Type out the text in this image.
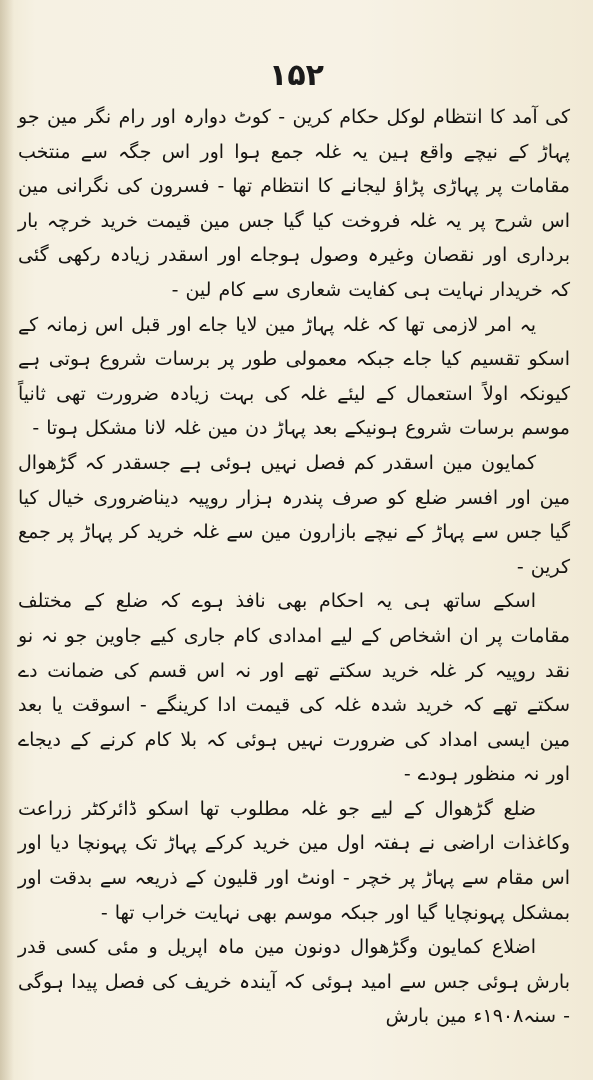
۱۵۲

کی آمد کا انتظام لوکل حکام کرین - کوٹ دوارہ اور رام نگر مین جو پہاڑ کے نیچے واقع ہین یہ غلہ جمع ہوا اور اس جگہ سے منتخب مقامات پر پہاڑی پڑاؤ لیجانے کا انتظام تھا - فسرون کی نگرانی مین اس شرح پر یہ غلہ فروخت کیا گیا جس مین قیمت خرید خرچہ بار برداری اور نقصان وغیرہ وصول ہوجاے اور اسقدر زیادہ رکھی گئی کہ خریدار نہایت ہی کفایت شعاری سے کام لین -

یہ امر لازمی تھا کہ غلہ پہاڑ مین لایا جاے اور قبل اس زمانہ کے اسکو تقسیم کیا جاے جبکہ معمولی طور پر برسات شروع ہوتی ہے کیونکہ اولاً استعمال کے لیئے غلہ کی بہت زیادہ ضرورت تھی ثانیاً موسم برسات شروع ہونیکے بعد پہاڑ دن مین غلہ لانا مشکل ہوتا -

کمایون مین اسقدر کم فصل نہیں ہوئی ہے جسقدر کہ گڑھوال مین اور افسر ضلع کو صرف پندرہ ہزار روپیہ دیناضروری خیال کیا گیا جس سے پہاڑ کے نیچے بازارون مین سے غلہ خرید کر پہاڑ پر جمع کرین -

اسکے ساتھ ہی یہ احکام بھی نافذ ہوے کہ ضلع کے مختلف مقامات پر ان اشخاص کے لیے امدادی کام جاری کیے جاوین جو نہ نو نقد روپیہ کر غلہ خرید سکتے تھے اور نہ اس قسم کی ضمانت دے سکتے تھے کہ خرید شدہ غلہ کی قیمت ادا کرینگے - اسوقت یا بعد مین ایسی امداد کی ضرورت نہیں ہوئی کہ بلا کام کرنے کے دیجاے اور نہ منظور ہودے -

ضلع گڑھوال کے لیے جو غلہ مطلوب تھا اسکو ڈائرکٹر زراعت وکاغذات اراضی نے ہفتہ اول مین خرید کرکے پہاڑ تک پہونچا دیا اور اس مقام سے پہاڑ پر خچر - اونٹ اور قلیون کے ذریعہ سے بدقت اور بمشکل پہونچایا گیا اور جبکہ موسم بھی نہایت خراب تھا -

اضلاع کمایون وگڑھوال دونون مین ماہ اپریل و مئی کسی قدر بارش ہوئی جس سے امید ہوئی کہ آیندہ خریف کی فصل پیدا ہوگی - سنہ۱۹۰۸ء مین بارش
